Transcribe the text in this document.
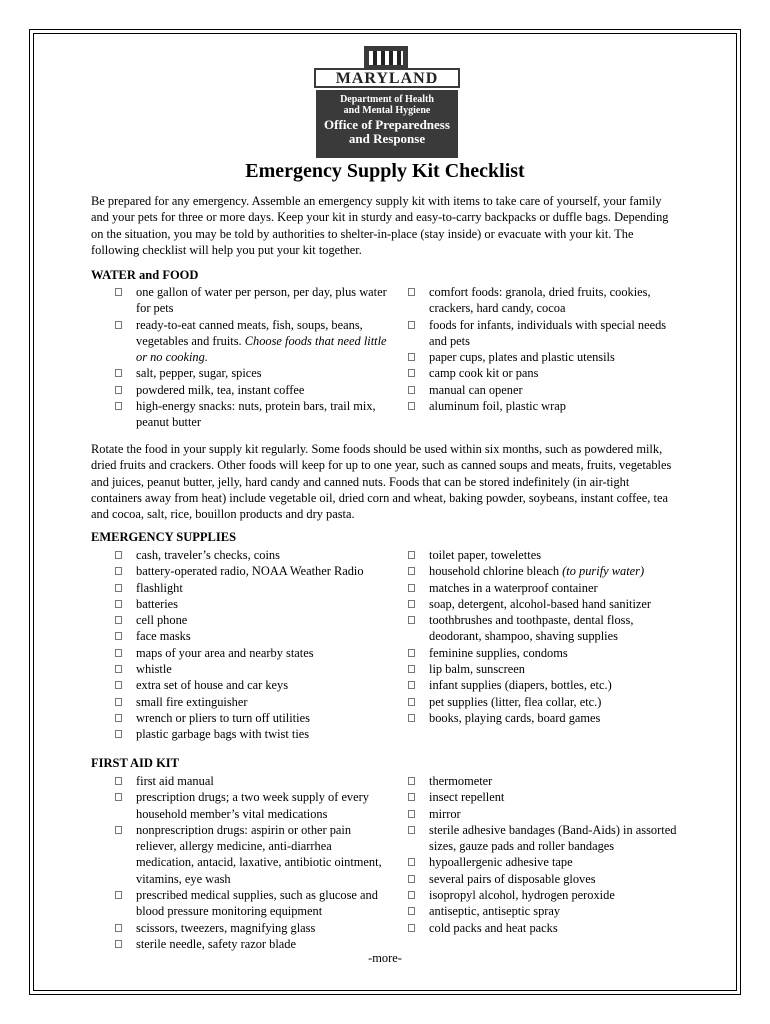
MARYLAND
Department of Health
and Mental Hygiene
Office of Preparedness
and Response
Emergency Supply Kit Checklist

Be prepared for any emergency. Assemble an emergency supply kit with items to take care of yourself, your family and your pets for three or more days. Keep your kit in sturdy and easy-to-carry backpacks or duffle bags. Depending on the situation, you may be told by authorities to shelter-in-place (stay inside) or evacuate with your kit. The following checklist will help you put your kit together.

WATER and FOOD
one gallon of water per person, per day, plus water for pets
ready-to-eat canned meats, fish, soups, beans, vegetables and fruits. Choose foods that need little or no cooking.
salt, pepper, sugar, spices
powdered milk, tea, instant coffee
high-energy snacks: nuts, protein bars, trail mix, peanut butter
comfort foods: granola, dried fruits, cookies, crackers, hard candy, cocoa
foods for infants, individuals with special needs and pets
paper cups, plates and plastic utensils
camp cook kit or pans
manual can opener
aluminum foil, plastic wrap

Rotate the food in your supply kit regularly. Some foods should be used within six months, such as powdered milk, dried fruits and crackers. Other foods will keep for up to one year, such as canned soups and meats, fruits, vegetables and juices, peanut butter, jelly, hard candy and canned nuts. Foods that can be stored indefinitely (in air-tight containers away from heat) include vegetable oil, dried corn and wheat, baking powder, soybeans, instant coffee, tea and cocoa, salt, rice, bouillon products and dry pasta.

EMERGENCY SUPPLIES
cash, traveler’s checks, coins
battery-operated radio, NOAA Weather Radio
flashlight
batteries
cell phone
face masks
maps of your area and nearby states
whistle
extra set of house and car keys
small fire extinguisher
wrench or pliers to turn off utilities
plastic garbage bags with twist ties
toilet paper, towelettes
household chlorine bleach (to purify water)
matches in a waterproof container
soap, detergent, alcohol-based hand sanitizer
toothbrushes and toothpaste, dental floss, deodorant, shampoo, shaving supplies
feminine supplies, condoms
lip balm, sunscreen
infant supplies (diapers, bottles, etc.)
pet supplies (litter, flea collar, etc.)
books, playing cards, board games
FIRST AID KIT
first aid manual
prescription drugs; a two week supply of every household member’s vital medications
nonprescription drugs: aspirin or other pain reliever, allergy medicine, anti-diarrhea medication, antacid, laxative, antibiotic ointment, vitamins, eye wash
prescribed medical supplies, such as glucose and blood pressure monitoring equipment
scissors, tweezers, magnifying glass
sterile needle, safety razor blade
thermometer
insect repellent
mirror
sterile adhesive bandages (Band-Aids) in assorted sizes, gauze pads and roller bandages
hypoallergenic adhesive tape
several pairs of disposable gloves
isopropyl alcohol, hydrogen peroxide
antiseptic, antiseptic spray
cold packs and heat packs
-more-
